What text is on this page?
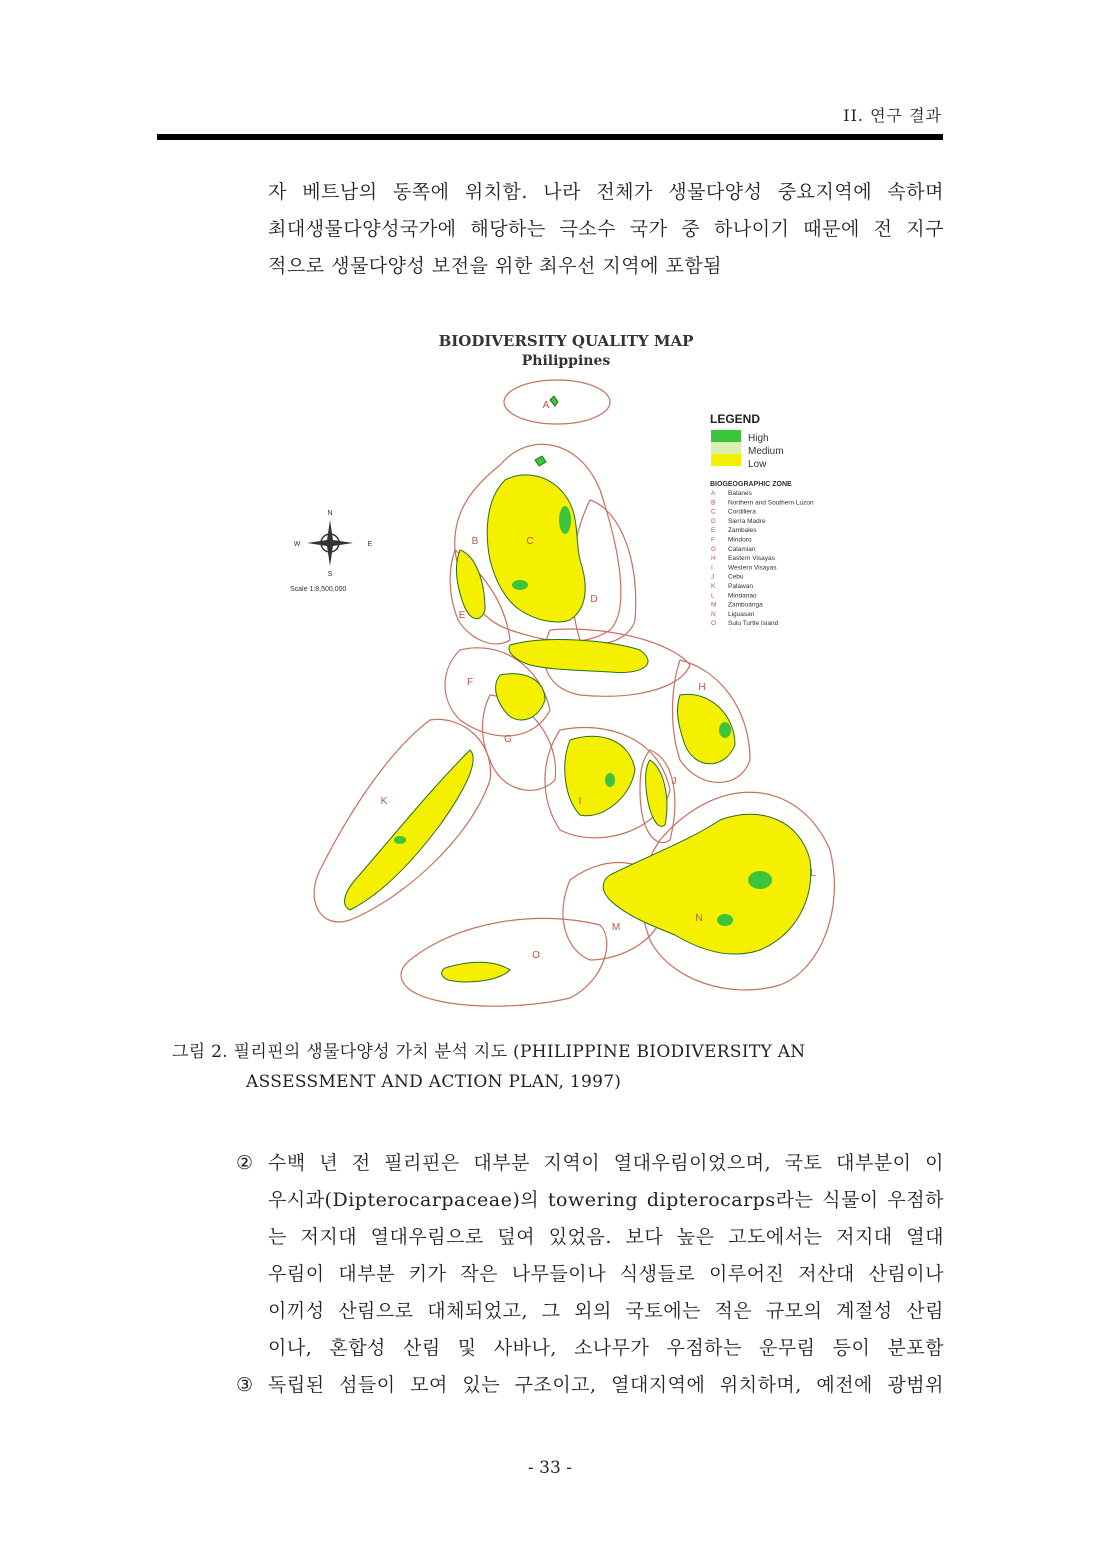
II. 연구 결과
자 베트남의 동쪽에 위치함. 나라 전체가 생물다양성 중요지역에 속하며
최대생물다양성국가에 해당하는 극소수 국가 중 하나이기 때문에 전 지구
적으로 생물다양성 보전을 위한 최우선 지역에 포함됨
BIODIVERSITY QUALITY MAP
Philippines
A
B	C
D
E
F
G
H
I
J
K
L
M
N
O
N
S
W	E
Scale 1:8,500,000
LEGEND
High
Medium
Low
BIOGEOGRAPHIC ZONE
A Batanes
B Northern and Southern Luzon
C Cordillera
D Sierra Madre
E Zambales
F Mindoro
G Calamian
H Eastern Visayas
I Western Visayas
J Cebu
K Palawan
L Mindanao
M Zamboanga
N Liguasan
O Sulu Turtle Island
그림 2. 필리핀의 생물다양성 가치 분석 지도 (PHILIPPINE BIODIVERSITY AN
ASSESSMENT AND ACTION PLAN, 1997)
② 수백 년 전 필리핀은 대부분 지역이 열대우림이었으며, 국토 대부분이 이
우시과(Dipterocarpaceae)의 towering dipterocarps라는 식물이 우점하
는 저지대 열대우림으로 덮여 있었음. 보다 높은 고도에서는 저지대 열대
우림이 대부분 키가 작은 나무들이나 식생들로 이루어진 저산대 산림이나
이끼성 산림으로 대체되었고, 그 외의 국토에는 적은 규모의 계절성 산림
이나, 혼합성 산림 및 사바나, 소나무가 우점하는 운무림 등이 분포함
③ 독립된 섬들이 모여 있는 구조이고, 열대지역에 위치하며, 예전에 광범위
- 33 -
